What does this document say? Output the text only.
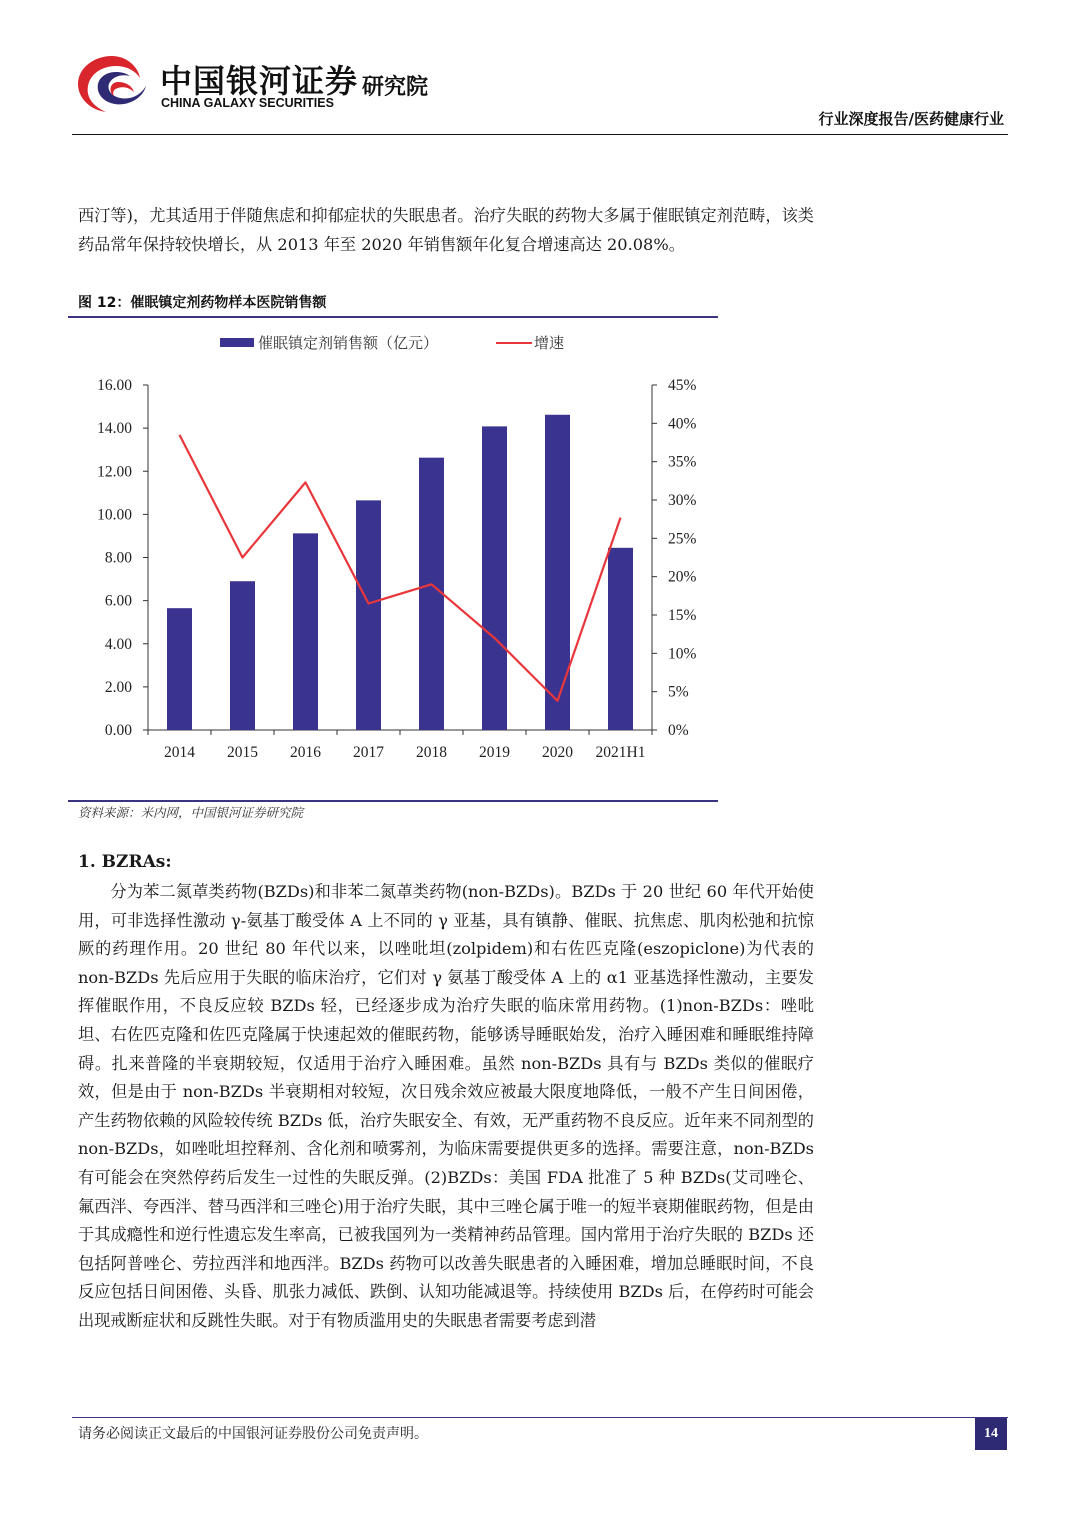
中国银河证券
CHINA GALAXY SECURITIES
研究院
行业深度报告/医药健康行业
西汀等)，尤其适用于伴随焦虑和抑郁症状的失眠患者。治疗失眠的药物大多属于催眠镇定剂范畴，该类药品常年保持较快增长，从 2013 年至 2020 年销售额年化复合增速高达 20.08%。
图 12：催眠镇定剂药物样本医院销售额
催眠镇定剂销售额（亿元）	增速
0.00
2.00
4.00
6.00
8.00
10.00
12.00
14.00
16.00
0%
5%
10%
15%
20%
25%
30%
35%
40%
45%
2014 2015 2016 2017 2018 2019 2020 2021H1
资料来源：米内网，中国银河证券研究院
1. BZRAs:
分为苯二氮䓬类药物(BZDs)和非苯二氮䓬类药物(non-BZDs)。BZDs 于 20 世纪 60 年代开始使用，可非选择性激动 γ-氨基丁酸受体 A 上不同的 γ 亚基，具有镇静、催眠、抗焦虑、肌肉松弛和抗惊厥的药理作用。20 世纪 80 年代以来，以唑吡坦(zolpidem)和右佐匹克隆(eszopiclone)为代表的 non-BZDs 先后应用于失眠的临床治疗，它们对 γ 氨基丁酸受体 A 上的 α1 亚基选择性激动，主要发挥催眠作用，不良反应较 BZDs 轻，已经逐步成为治疗失眠的临床常用药物。(1)non-BZDs：唑吡坦、右佐匹克隆和佐匹克隆属于快速起效的催眠药物，能够诱导睡眠始发，治疗入睡困难和睡眠维持障碍。扎来普隆的半衰期较短，仅适用于治疗入睡困难。虽然 non-BZDs 具有与 BZDs 类似的催眠疗效，但是由于 non-BZDs 半衰期相对较短，次日残余效应被最大限度地降低，一般不产生日间困倦，产生药物依赖的风险较传统 BZDs 低，治疗失眠安全、有效，无严重药物不良反应。近年来不同剂型的 non-BZDs，如唑吡坦控释剂、含化剂和喷雾剂，为临床需要提供更多的选择。需要注意，non-BZDs 有可能会在突然停药后发生一过性的失眠反弹。(2)BZDs：美国 FDA 批准了 5 种 BZDs(艾司唑仑、氟西泮、夸西泮、替马西泮和三唑仑)用于治疗失眠，其中三唑仑属于唯一的短半衰期催眠药物，但是由于其成瘾性和逆行性遗忘发生率高，已被我国列为一类精神药品管理。国内常用于治疗失眠的 BZDs 还包括阿普唑仑、劳拉西泮和地西泮。BZDs 药物可以改善失眠患者的入睡困难，增加总睡眠时间，不良反应包括日间困倦、头昏、肌张力减低、跌倒、认知功能减退等。持续使用 BZDs 后，在停药时可能会出现戒断症状和反跳性失眠。对于有物质滥用史的失眠患者需要考虑到潜
请务必阅读正文最后的中国银河证券股份公司免责声明。	14
